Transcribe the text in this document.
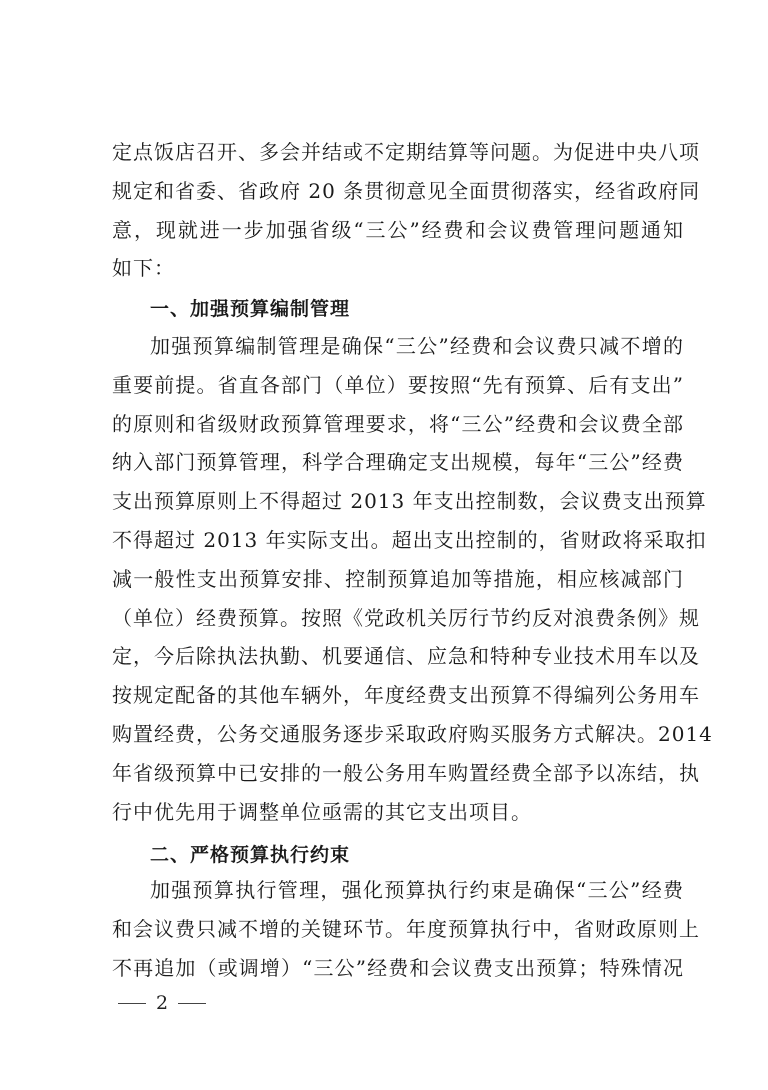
定点饭店召开、多会并结或不定期结算等问题。为促进中央八项
规定和省委、省政府 20 条贯彻意见全面贯彻落实，经省政府同
意，现就进一步加强省级“三公”经费和会议费管理问题通知
如下：
一、加强预算编制管理
加强预算编制管理是确保“三公”经费和会议费只减不增的
重要前提。省直各部门（单位）要按照“先有预算、后有支出”
的原则和省级财政预算管理要求，将“三公”经费和会议费全部
纳入部门预算管理，科学合理确定支出规模，每年“三公”经费
支出预算原则上不得超过 2013 年支出控制数，会议费支出预算
不得超过 2013 年实际支出。超出支出控制的，省财政将采取扣
减一般性支出预算安排、控制预算追加等措施，相应核减部门
（单位）经费预算。按照《党政机关厉行节约反对浪费条例》规
定，今后除执法执勤、机要通信、应急和特种专业技术用车以及
按规定配备的其他车辆外，年度经费支出预算不得编列公务用车
购置经费，公务交通服务逐步采取政府购买服务方式解决。2014
年省级预算中已安排的一般公务用车购置经费全部予以冻结，执
行中优先用于调整单位亟需的其它支出项目。
二、严格预算执行约束
加强预算执行管理，强化预算执行约束是确保“三公”经费
和会议费只减不增的关键环节。年度预算执行中，省财政原则上
不再追加（或调增）“三公”经费和会议费支出预算；特殊情况
2
